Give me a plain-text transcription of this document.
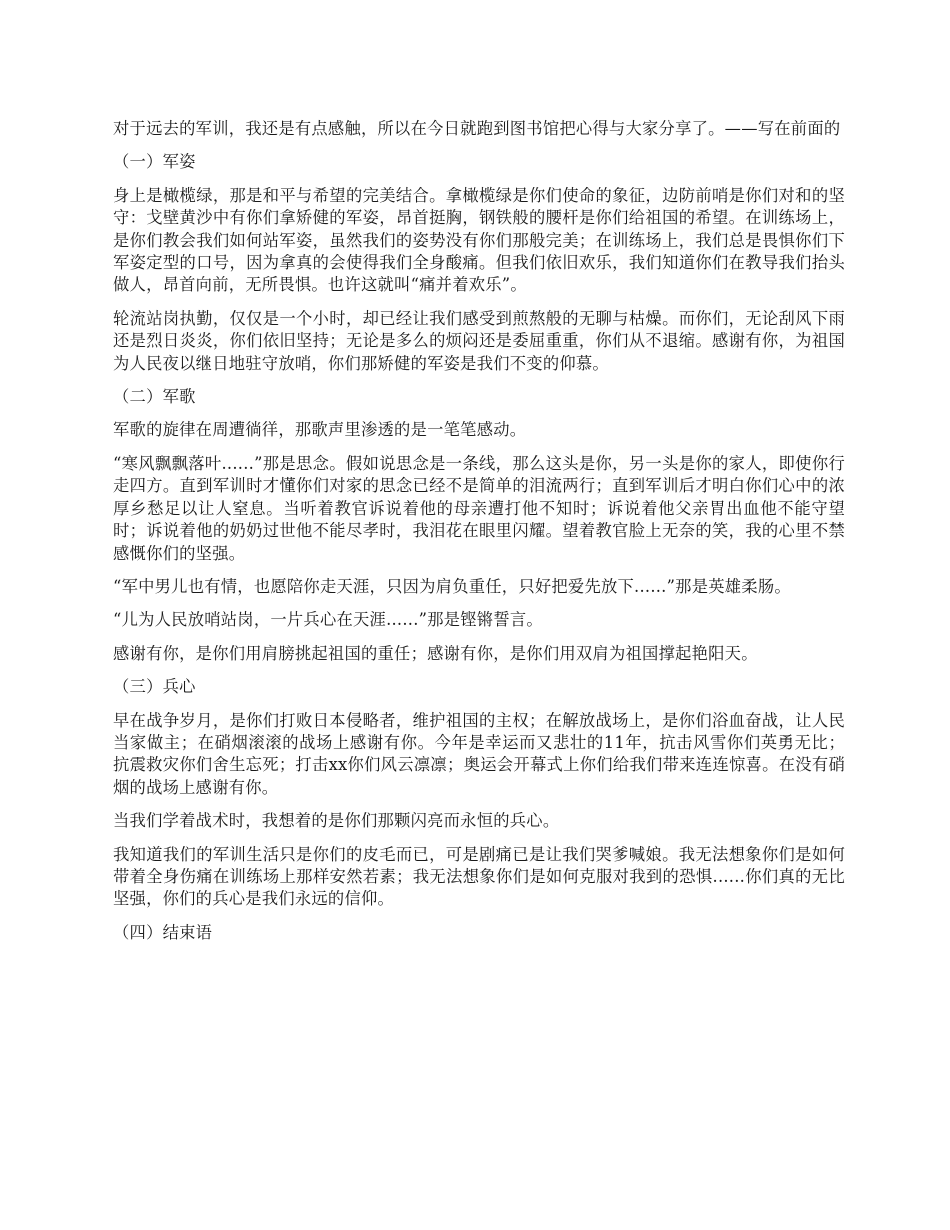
对于远去的军训，我还是有点感触，所以在今日就跑到图书馆把心得与大家分享了。——写在前面的

（一）军姿

身上是橄榄绿，那是和平与希望的完美结合。拿橄榄绿是你们使命的象征，边防前哨是你们对和的坚守：戈壁黄沙中有你们拿矫健的军姿，昂首挺胸，钢铁般的腰杆是你们给祖国的希望。在训练场上，是你们教会我们如何站军姿，虽然我们的姿势没有你们那般完美；在训练场上，我们总是畏惧你们下军姿定型的口号，因为拿真的会使得我们全身酸痛。但我们依旧欢乐，我们知道你们在教导我们抬头做人，昂首向前，无所畏惧。也许这就叫“痛并着欢乐”。

轮流站岗执勤，仅仅是一个小时，却已经让我们感受到煎熬般的无聊与枯燥。而你们，无论刮风下雨还是烈日炎炎，你们依旧坚持；无论是多么的烦闷还是委屈重重，你们从不退缩。感谢有你，为祖国为人民夜以继日地驻守放哨，你们那矫健的军姿是我们不变的仰慕。

（二）军歌

军歌的旋律在周遭徜徉，那歌声里渗透的是一笔笔感动。

“寒风飘飘落叶......”那是思念。假如说思念是一条线，那么这头是你，另一头是你的家人，即使你行走四方。直到军训时才懂你们对家的思念已经不是简单的泪流两行；直到军训后才明白你们心中的浓厚乡愁足以让人窒息。当听着教官诉说着他的母亲遭打他不知时；诉说着他父亲胃出血他不能守望时；诉说着他的奶奶过世他不能尽孝时，我泪花在眼里闪耀。望着教官脸上无奈的笑，我的心里不禁感慨你们的坚强。

“军中男儿也有情，也愿陪你走天涯，只因为肩负重任，只好把爱先放下......”那是英雄柔肠。

“儿为人民放哨站岗，一片兵心在天涯......”那是铿锵誓言。

感谢有你，是你们用肩膀挑起祖国的重任；感谢有你，是你们用双肩为祖国撑起艳阳天。

（三）兵心

早在战争岁月，是你们打败日本侵略者，维护祖国的主权；在解放战场上，是你们浴血奋战，让人民当家做主；在硝烟滚滚的战场上感谢有你。今年是幸运而又悲壮的11年，抗击风雪你们英勇无比；抗震救灾你们舍生忘死；打击xx你们风云凛凛；奥运会开幕式上你们给我们带来连连惊喜。在没有硝烟的战场上感谢有你。

当我们学着战术时，我想着的是你们那颗闪亮而永恒的兵心。

我知道我们的军训生活只是你们的皮毛而已，可是剧痛已是让我们哭爹喊娘。我无法想象你们是如何带着全身伤痛在训练场上那样安然若素；我无法想象你们是如何克服对我到的恐惧......你们真的无比坚强，你们的兵心是我们永远的信仰。

（四）结束语
